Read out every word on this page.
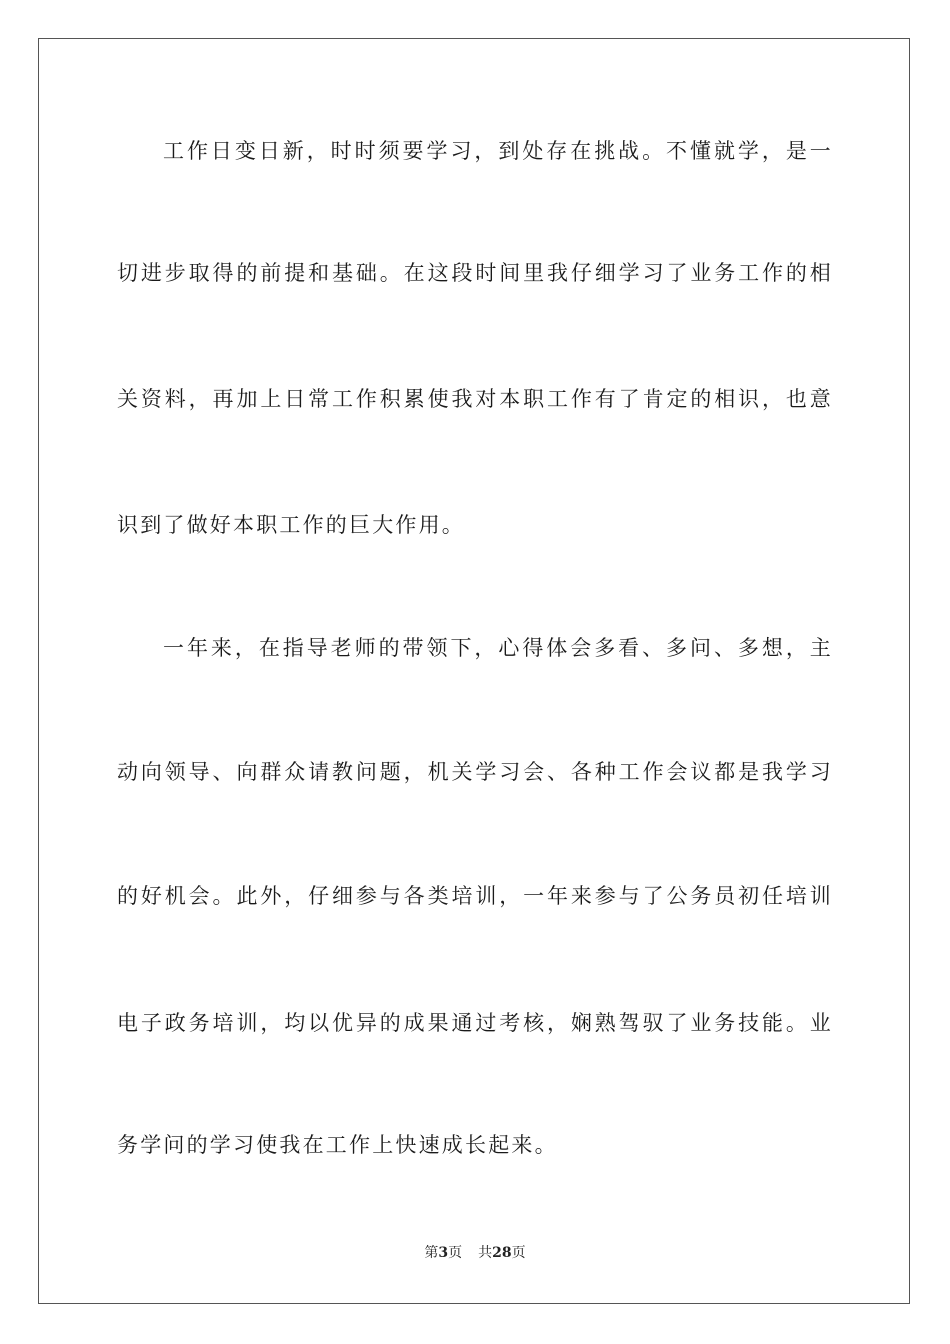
工作日变日新，时时须要学习，到处存在挑战。不懂就学，是一
切进步取得的前提和基础。在这段时间里我仔细学习了业务工作的相
关资料，再加上日常工作积累使我对本职工作有了肯定的相识，也意
识到了做好本职工作的巨大作用。
一年来，在指导老师的带领下，心得体会多看、多问、多想，主
动向领导、向群众请教问题，机关学习会、各种工作会议都是我学习
的好机会。此外，仔细参与各类培训，一年来参与了公务员初任培训
电子政务培训，均以优异的成果通过考核，娴熟驾驭了业务技能。业
务学问的学习使我在工作上快速成长起来。
第3页 共28页
